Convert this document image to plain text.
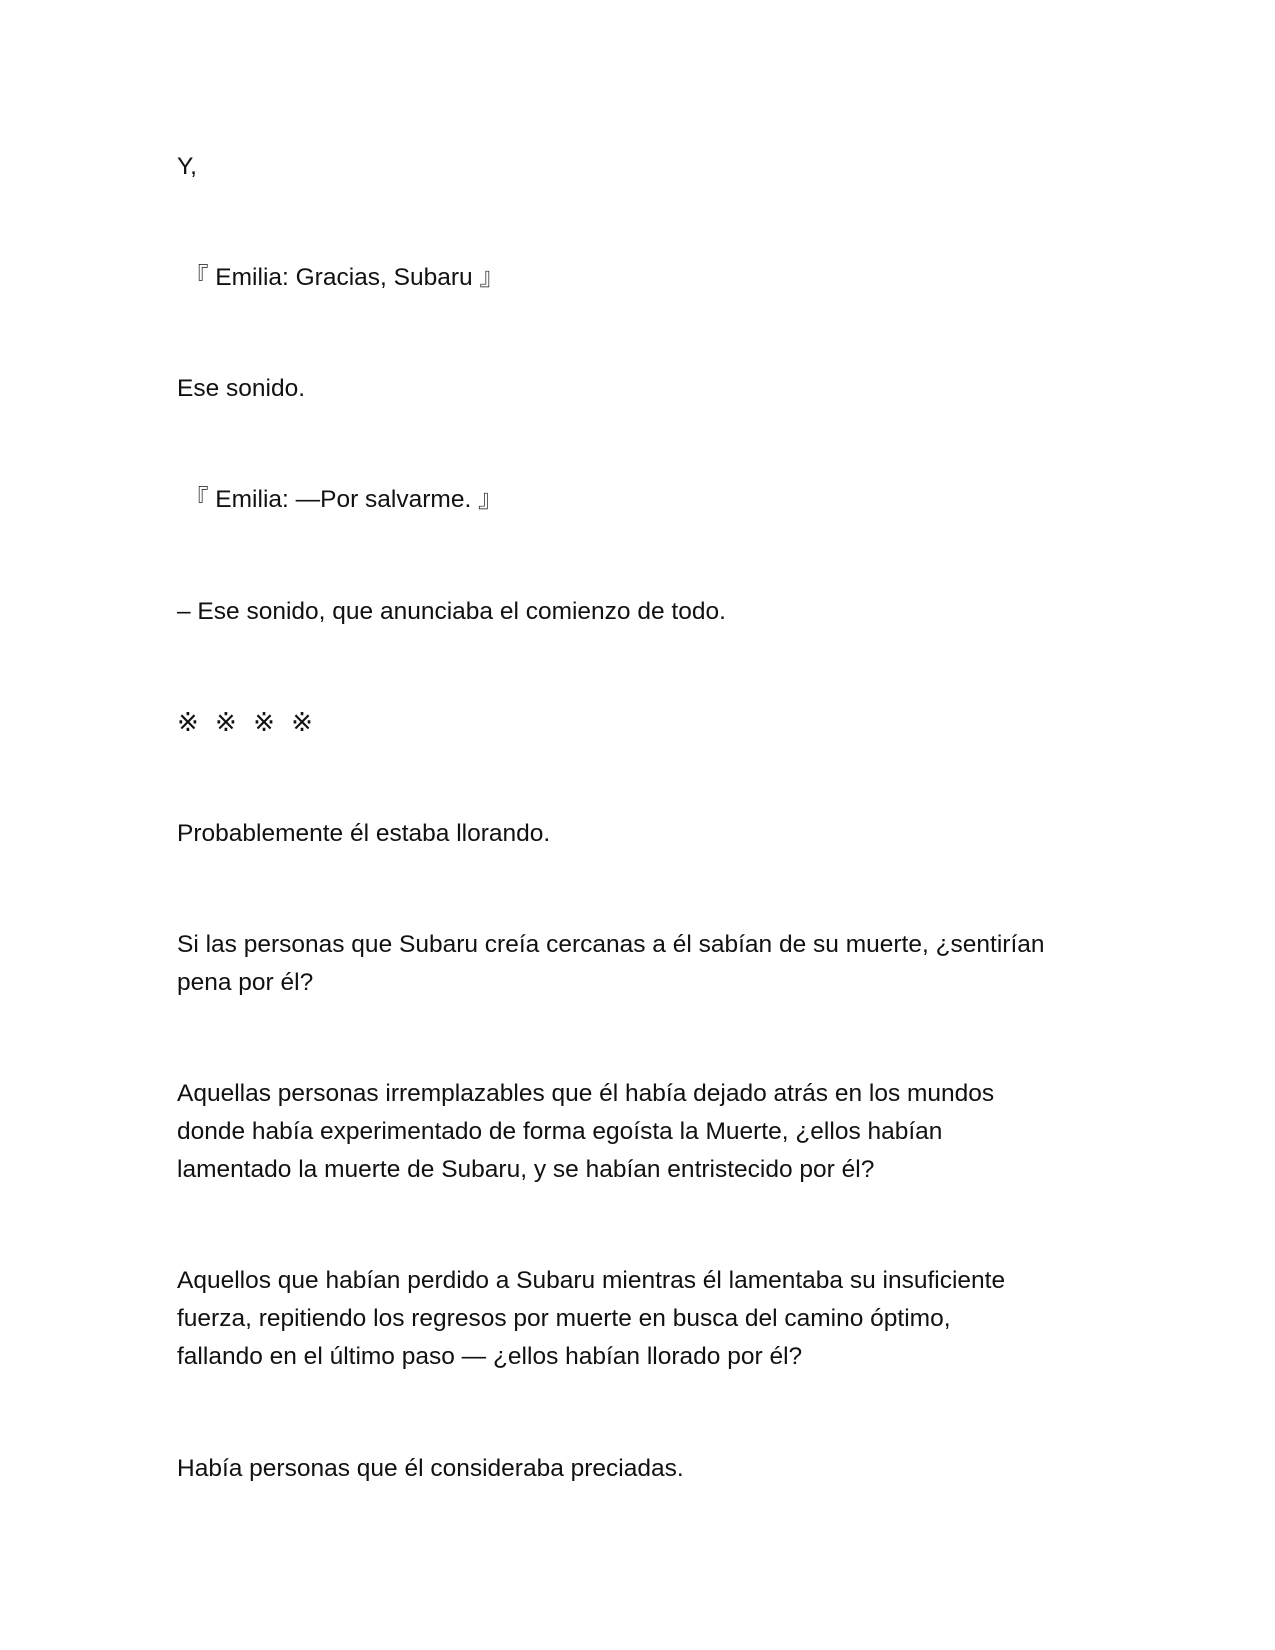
Y,

『 Emilia: Gracias, Subaru 』

Ese sonido.

『 Emilia: —Por salvarme. 』

– Ese sonido, que anunciaba el comienzo de todo.

※ ※ ※ ※

Probablemente él estaba llorando.

Si las personas que Subaru creía cercanas a él sabían de su muerte, ¿sentirían
pena por él?

Aquellas personas irremplazables que él había dejado atrás en los mundos
donde había experimentado de forma egoísta la Muerte, ¿ellos habían
lamentado la muerte de Subaru, y se habían entristecido por él?

Aquellos que habían perdido a Subaru mientras él lamentaba su insuficiente
fuerza, repitiendo los regresos por muerte en busca del camino óptimo,
fallando en el último paso — ¿ellos habían llorado por él?

Había personas que él consideraba preciadas.
